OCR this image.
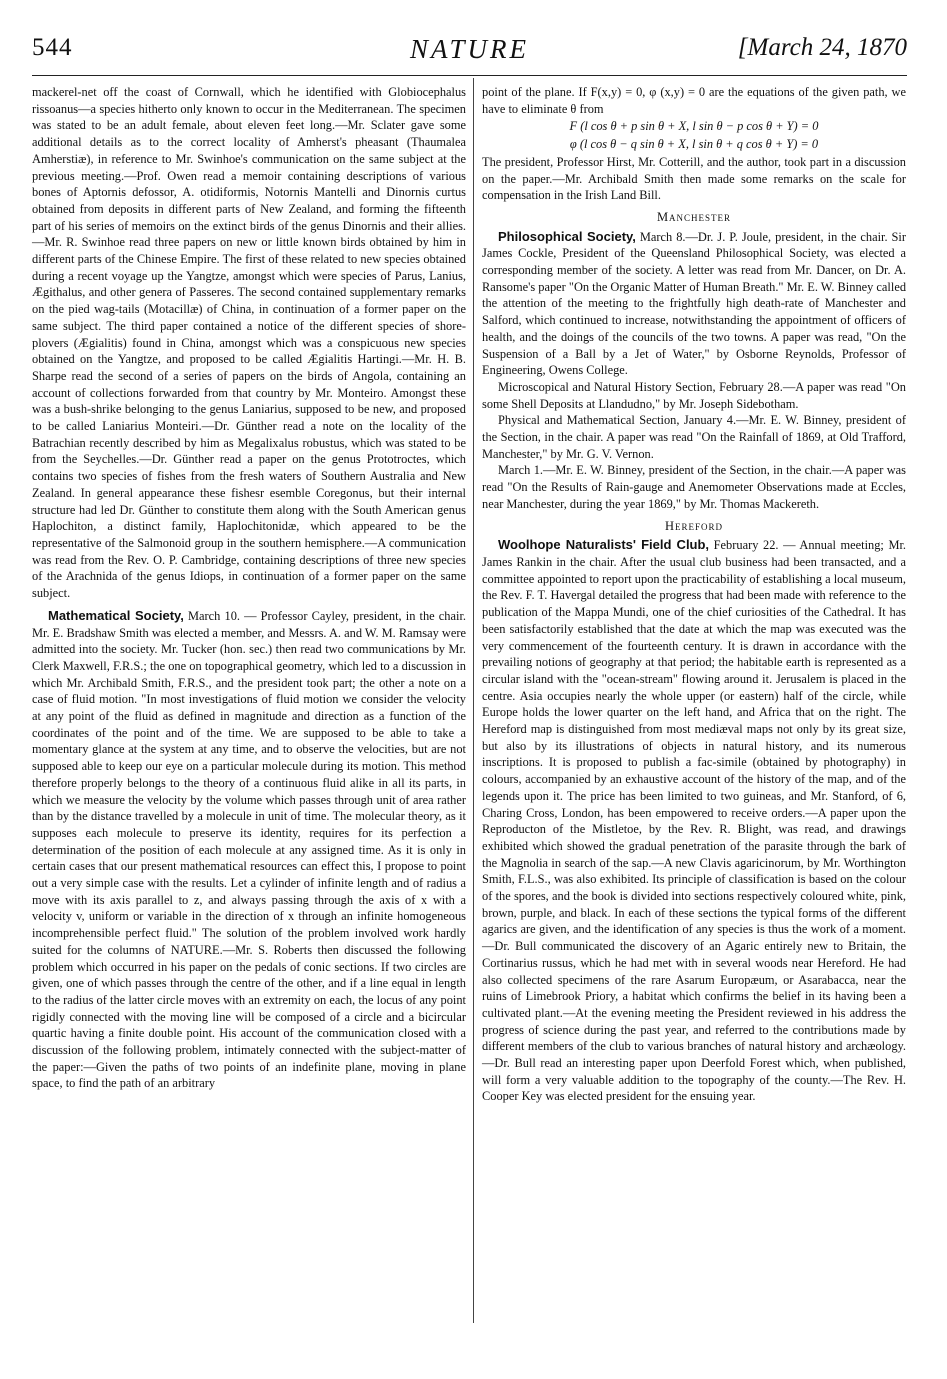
544	NATURE	[March 24, 1870

mackerel-net off the coast of Cornwall, which he identified with Globiocephalus rissoanus—a species hitherto only known to occur in the Mediterranean. The specimen was stated to be an adult female, about eleven feet long.—Mr. Sclater gave some additional details as to the correct locality of Amherst's pheasant (Thaumalea Amherstiæ), in reference to Mr. Swinhoe's communication on the same subject at the previous meeting.—Prof. Owen read a memoir containing descriptions of various bones of Aptornis defossor, A. otidiformis, Notornis Mantelli and Dinornis curtus obtained from deposits in different parts of New Zealand, and forming the fifteenth part of his series of memoirs on the extinct birds of the genus Dinornis and their allies.—Mr. R. Swinhoe read three papers on new or little known birds obtained by him in different parts of the Chinese Empire. The first of these related to new species obtained during a recent voyage up the Yangtze, amongst which were species of Parus, Lanius, Ægithalus, and other genera of Passeres. The second contained supplementary remarks on the pied wag-tails (Motacillæ) of China, in continuation of a former paper on the same subject. The third paper contained a notice of the different species of shore-plovers (Ægialitis) found in China, amongst which was a conspicuous new species obtained on the Yangtze, and proposed to be called Ægialitis Hartingi.—Mr. H. B. Sharpe read the second of a series of papers on the birds of Angola, containing an account of collections forwarded from that country by Mr. Monteiro. Amongst these was a bush-shrike belonging to the genus Laniarius, supposed to be new, and proposed to be called Laniarius Monteiri.—Dr. Günther read a note on the locality of the Batrachian recently described by him as Megalixalus robustus, which was stated to be from the Seychelles.—Dr. Günther read a paper on the genus Prototroctes, which contains two species of fishes from the fresh waters of Southern Australia and New Zealand. In general appearance these fishesr esemble Coregonus, but their internal structure had led Dr. Günther to constitute them along with the South American genus Haplochiton, a distinct family, Haplochitonidæ, which appeared to be the representative of the Salmonoid group in the southern hemisphere.—A communication was read from the Rev. O. P. Cambridge, containing descriptions of three new species of the Arachnida of the genus Idiops, in continuation of a former paper on the same subject.

Mathematical Society, March 10. — Professor Cayley, president, in the chair. Mr. E. Bradshaw Smith was elected a member, and Messrs. A. and W. M. Ramsay were admitted into the society. Mr. Tucker (hon. sec.) then read two communications by Mr. Clerk Maxwell, F.R.S.; the one on topographical geometry, which led to a discussion in which Mr. Archibald Smith, F.R.S., and the president took part; the other a note on a case of fluid motion. "In most investigations of fluid motion we consider the velocity at any point of the fluid as defined in magnitude and direction as a function of the coordinates of the point and of the time. We are supposed to be able to take a momentary glance at the system at any time, and to observe the velocities, but are not supposed able to keep our eye on a particular molecule during its motion. This method therefore properly belongs to the theory of a continuous fluid alike in all its parts, in which we measure the velocity by the volume which passes through unit of area rather than by the distance travelled by a molecule in unit of time. The molecular theory, as it supposes each molecule to preserve its identity, requires for its perfection a determination of the position of each molecule at any assigned time. As it is only in certain cases that our present mathematical resources can effect this, I propose to point out a very simple case with the results. Let a cylinder of infinite length and of radius a move with its axis parallel to z, and always passing through the axis of x with a velocity v, uniform or variable in the direction of x through an infinite homogeneous incomprehensible perfect fluid." The solution of the problem involved work hardly suited for the columns of NATURE.—Mr. S. Roberts then discussed the following problem which occurred in his paper on the pedals of conic sections. If two circles are given, one of which passes through the centre of the other, and if a line equal in length to the radius of the latter circle moves with an extremity on each, the locus of any point rigidly connected with the moving line will be composed of a circle and a bicircular quartic having a finite double point. His account of the communication closed with a discussion of the following problem, intimately connected with the subject-matter of the paper:—Given the paths of two points of an indefinite plane, moving in plane space, to find the path of an arbitrary

point of the plane. If F(x,y) = 0, φ (x,y) = 0 are the equations of the given path, we have to eliminate θ from

F (l cos θ + p sin θ + X, l sin θ − p cos θ + Y) = 0
φ (l cos θ − q sin θ + X, l sin θ + q cos θ + Y) = 0

The president, Professor Hirst, Mr. Cotterill, and the author, took part in a discussion on the paper.—Mr. Archibald Smith then made some remarks on the scale for compensation in the Irish Land Bill.

Manchester

Philosophical Society, March 8.—Dr. J. P. Joule, president, in the chair. Sir James Cockle, President of the Queensland Philosophical Society, was elected a corresponding member of the society. A letter was read from Mr. Dancer, on Dr. A. Ransome's paper "On the Organic Matter of Human Breath." Mr. E. W. Binney called the attention of the meeting to the frightfully high death-rate of Manchester and Salford, which continued to increase, notwithstanding the appointment of officers of health, and the doings of the councils of the two towns. A paper was read, "On the Suspension of a Ball by a Jet of Water," by Osborne Reynolds, Professor of Engineering, Owens College.

Microscopical and Natural History Section, February 28.—A paper was read "On some Shell Deposits at Llandudno," by Mr. Joseph Sidebotham.

Physical and Mathematical Section, January 4.—Mr. E. W. Binney, president of the Section, in the chair. A paper was read "On the Rainfall of 1869, at Old Trafford, Manchester," by Mr. G. V. Vernon.

March 1.—Mr. E. W. Binney, president of the Section, in the chair.—A paper was read "On the Results of Rain-gauge and Anemometer Observations made at Eccles, near Manchester, during the year 1869," by Mr. Thomas Mackereth.

Hereford

Woolhope Naturalists' Field Club, February 22. — Annual meeting; Mr. James Rankin in the chair. After the usual club business had been transacted, and a committee appointed to report upon the practicability of establishing a local museum, the Rev. F. T. Havergal detailed the progress that had been made with reference to the publication of the Mappa Mundi, one of the chief curiosities of the Cathedral. It has been satisfactorily established that the date at which the map was executed was the very commencement of the fourteenth century. It is drawn in accordance with the prevailing notions of geography at that period; the habitable earth is represented as a circular island with the "ocean-stream" flowing around it. Jerusalem is placed in the centre. Asia occupies nearly the whole upper (or eastern) half of the circle, while Europe holds the lower quarter on the left hand, and Africa that on the right. The Hereford map is distinguished from most mediæval maps not only by its great size, but also by its illustrations of objects in natural history, and its numerous inscriptions. It is proposed to publish a fac-simile (obtained by photography) in colours, accompanied by an exhaustive account of the history of the map, and of the legends upon it. The price has been limited to two guineas, and Mr. Stanford, of 6, Charing Cross, London, has been empowered to receive orders.—A paper upon the Reproducton of the Mistletoe, by the Rev. R. Blight, was read, and drawings exhibited which showed the gradual penetration of the parasite through the bark of the Magnolia in search of the sap.—A new Clavis agaricinorum, by Mr. Worthington Smith, F.L.S., was also exhibited. Its principle of classification is based on the colour of the spores, and the book is divided into sections respectively coloured white, pink, brown, purple, and black. In each of these sections the typical forms of the different agarics are given, and the identification of any species is thus the work of a moment.—Dr. Bull communicated the discovery of an Agaric entirely new to Britain, the Cortinarius russus, which he had met with in several woods near Hereford. He had also collected specimens of the rare Asarum Europæum, or Asarabacca, near the ruins of Limebrook Priory, a habitat which confirms the belief in its having been a cultivated plant.—At the evening meeting the President reviewed in his address the progress of science during the past year, and referred to the contributions made by different members of the club to various branches of natural history and archæology.—Dr. Bull read an interesting paper upon Deerfold Forest which, when published, will form a very valuable addition to the topography of the county.—The Rev. H. Cooper Key was elected president for the ensuing year.
